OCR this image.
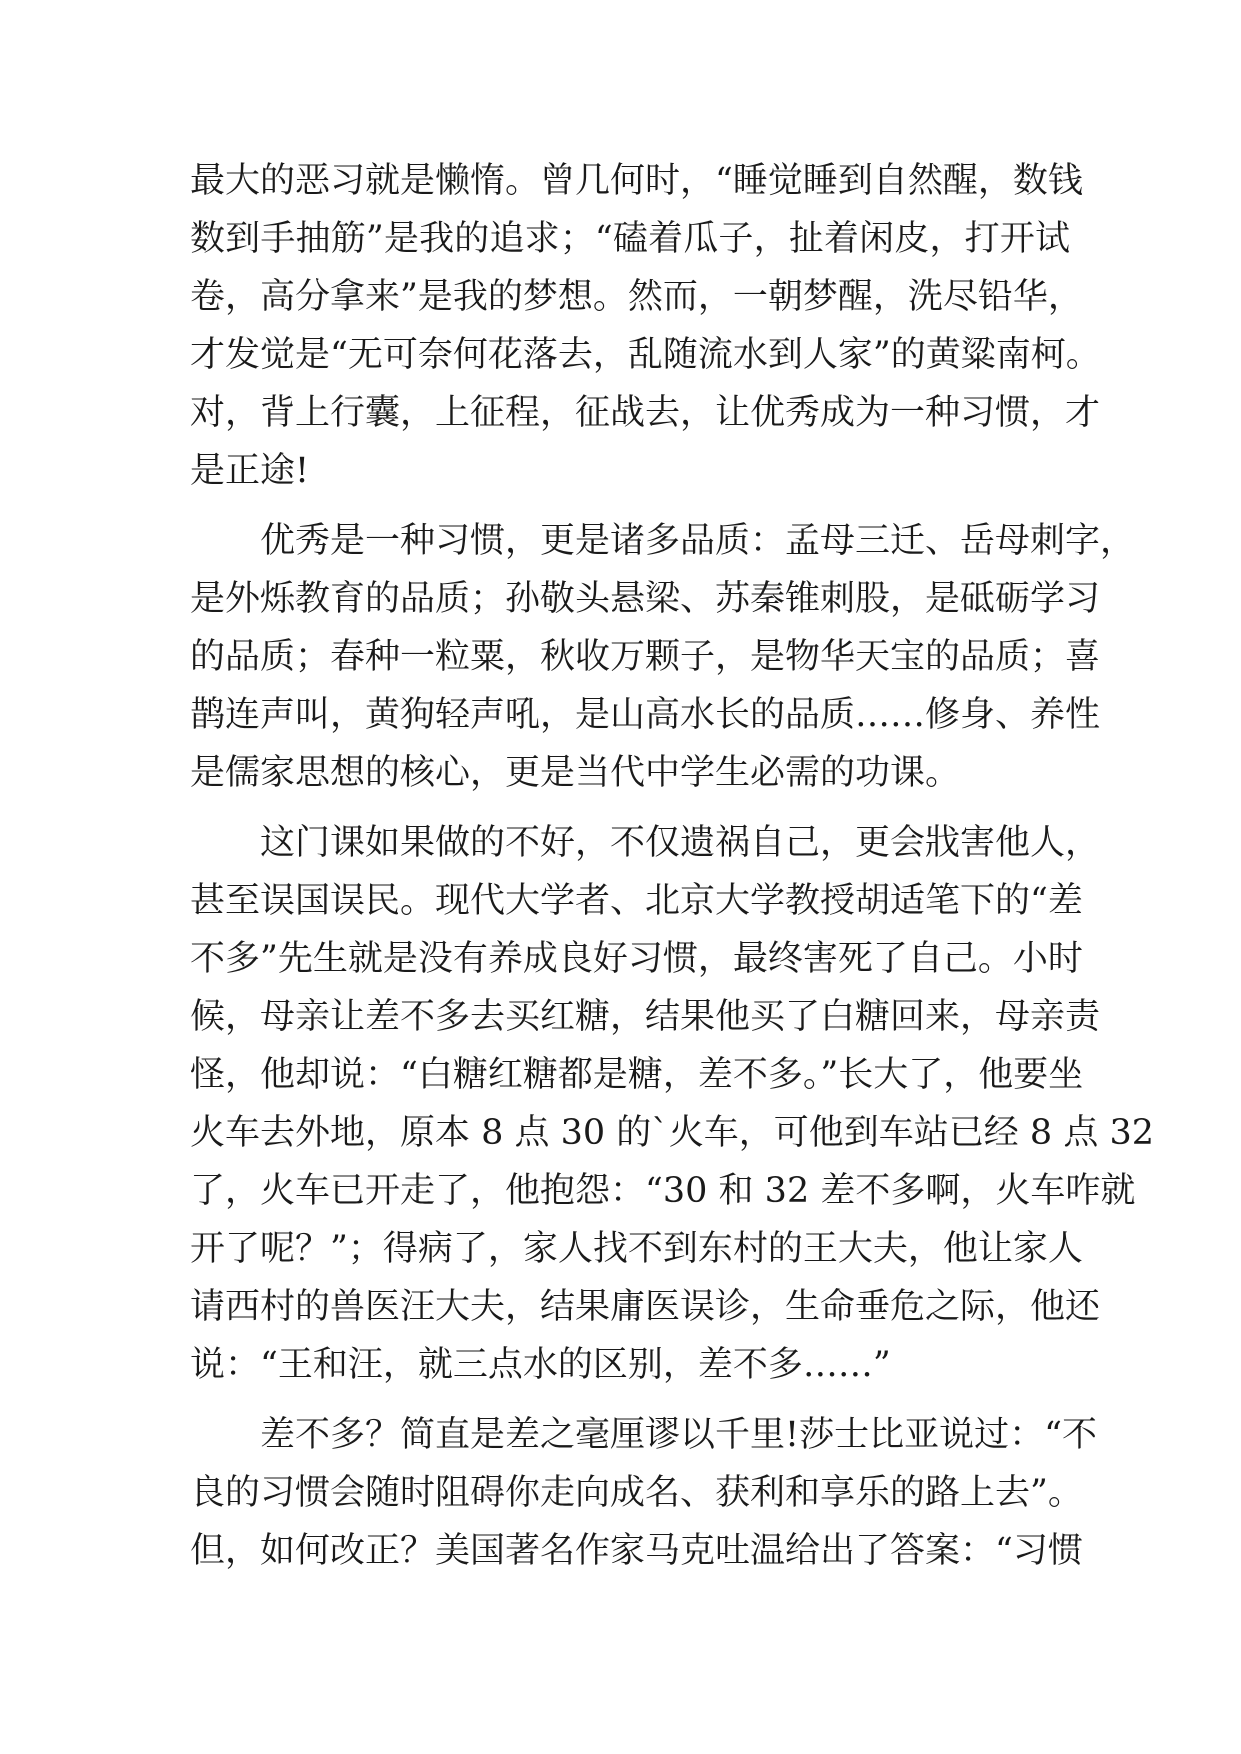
最大的恶习就是懒惰。曾几何时，“睡觉睡到自然醒，数钱
数到手抽筋”是我的追求；“磕着瓜子，扯着闲皮，打开试
卷，高分拿来”是我的梦想。然而，一朝梦醒，洗尽铅华，
才发觉是“无可奈何花落去，乱随流水到人家”的黄粱南柯。
对，背上行囊，上征程，征战去，让优秀成为一种习惯，才
是正途!
优秀是一种习惯，更是诸多品质：孟母三迁、岳母刺字，
是外烁教育的品质；孙敬头悬梁、苏秦锥刺股，是砥砺学习
的品质；春种一粒粟，秋收万颗子，是物华天宝的品质；喜
鹊连声叫，黄狗轻声吼，是山高水长的品质……修身、养性
是儒家思想的核心，更是当代中学生必需的功课。
这门课如果做的不好，不仅遗祸自己，更会戕害他人，
甚至误国误民。现代大学者、北京大学教授胡适笔下的“差
不多”先生就是没有养成良好习惯，最终害死了自己。小时
候，母亲让差不多去买红糖，结果他买了白糖回来，母亲责
怪，他却说：“白糖红糖都是糖，差不多。”长大了，他要坐
火车去外地，原本 8 点 30 的`火车，可他到车站已经 8 点 32
了，火车已开走了，他抱怨：“30 和 32 差不多啊，火车咋就
开了呢？”；得病了，家人找不到东村的王大夫，他让家人
请西村的兽医汪大夫，结果庸医误诊，生命垂危之际，他还
说：“王和汪，就三点水的区别，差不多……”
差不多？简直是差之毫厘谬以千里!莎士比亚说过：“不
良的习惯会随时阻碍你走向成名、获利和享乐的路上去”。
但，如何改正？美国著名作家马克吐温给出了答案：“习惯
